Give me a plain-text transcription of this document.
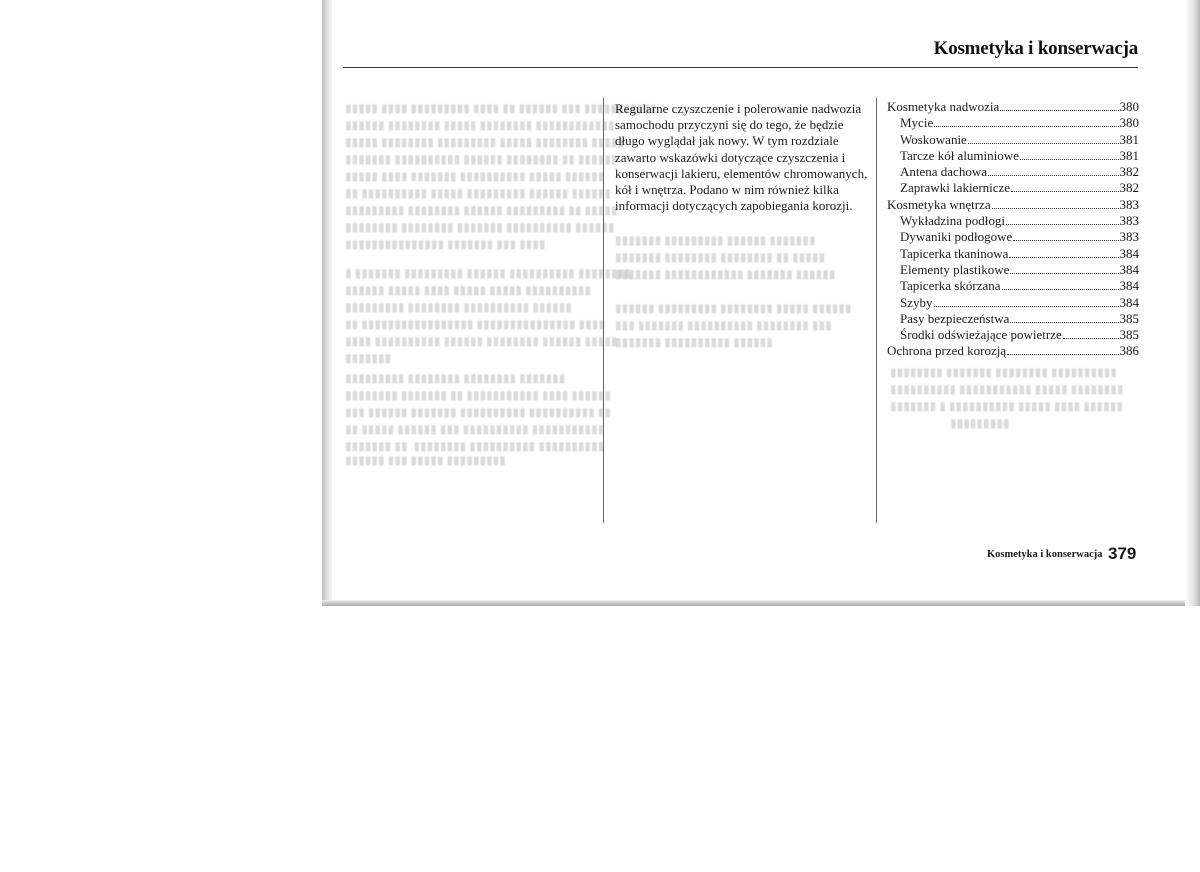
▮▮▮▮▮▮▮▮▮▮▮ ▮▮▮ ▮▮▮▮▮▮ ▮▮ ▮▮▮▮ ▮▮▮▮▮▮▮▮▮ ▮▮▮▮ ▮▮▮▮▮
▮▮▮▮▮▮▮▮▮▮▮▮ ▮▮▮▮▮▮▮▮ ▮▮▮▮▮ ▮▮▮▮▮▮▮▮ ▮▮▮▮▮▮
▮▮▮▮▮ ▮▮▮▮▮▮▮▮ ▮▮▮▮▮ ▮▮▮▮▮▮▮▮▮ ▮▮▮▮▮▮▮▮ ▮▮▮▮▮
▮▮▮▮▮▮ ▮▮ ▮▮▮▮▮▮▮▮ ▮▮▮▮▮▮ ▮▮▮▮▮▮▮▮▮▮ ▮▮▮▮▮▮▮
▮▮▮▮▮▮ ▮▮▮▮▮ ▮▮▮▮▮▮▮▮▮▮ ▮▮▮▮▮▮▮ ▮▮▮▮ ▮▮▮▮▮
▮▮▮▮▮▮ ▮▮▮▮▮▮ ▮▮▮▮▮▮▮▮▮ ▮▮▮▮▮ ▮▮▮▮▮▮▮▮▮▮ ▮▮
▮▮▮▮▮ ▮▮ ▮▮▮▮▮▮▮▮▮ ▮▮▮▮▮▮ ▮▮▮▮▮▮▮▮ ▮▮▮▮▮▮▮▮▮
▮▮▮▮▮▮ ▮▮▮▮▮▮▮▮▮▮ ▮▮▮▮▮▮▮ ▮▮▮▮▮▮▮▮ ▮▮▮▮▮▮▮▮
▮▮▮▮ ▮▮▮ ▮▮▮▮▮▮▮ ▮▮▮▮▮▮▮▮▮▮▮▮▮▮▮
▮▮▮▮▮▮▮▮ ▮▮▮▮▮▮▮▮▮▮ ▮▮▮▮▮▮ ▮▮▮▮▮▮▮▮▮ ▮▮▮▮▮▮▮ ▮
▮▮▮▮▮▮▮▮▮▮ ▮▮▮▮▮ ▮▮▮▮▮ ▮▮▮▮ ▮▮▮▮▮ ▮▮▮▮▮▮
▮▮▮▮▮▮ ▮▮▮▮▮▮▮▮▮▮ ▮▮▮▮▮▮▮▮ ▮▮▮▮▮▮▮▮▮
▮▮▮▮ ▮▮▮▮▮▮▮▮▮▮▮▮▮▮▮ ▮▮▮▮▮▮▮▮▮▮▮▮▮▮▮▮▮ ▮▮
▮▮▮▮▮ ▮▮▮▮▮▮ ▮▮▮▮▮▮▮▮ ▮▮▮▮▮▮ ▮▮▮▮▮▮▮▮▮▮ ▮▮▮▮
▮▮▮▮▮▮▮
▮▮▮▮▮▮▮ ▮▮▮▮▮▮▮▮ ▮▮▮▮▮▮▮▮ ▮▮▮▮▮▮▮▮▮
▮▮▮▮▮▮ ▮▮▮▮ ▮▮▮▮▮▮▮▮▮▮▮ ▮▮ ▮▮▮▮▮▮▮ ▮▮▮▮▮▮▮▮
▮▮ ▮▮▮▮▮▮▮▮▮▮ ▮▮▮▮▮▮▮▮▮▮ ▮▮▮▮▮▮▮ ▮▮▮▮▮▮ ▮▮▮
▮▮▮▮▮▮▮▮▮▮▮ ▮▮▮▮▮▮▮▮▮▮ ▮▮▮ ▮▮▮▮▮▮ ▮▮▮▮▮ ▮▮
▮▮▮▮▮▮▮▮▮▮ ▮▮▮▮▮▮▮▮▮▮ ▮▮▮▮▮▮▮▮. ▮▮ ▮▮▮▮▮▮▮
▮▮▮▮▮▮▮▮▮ ▮▮▮▮▮ ▮▮▮ ▮▮▮▮▮▮
▮▮▮▮▮▮▮ ▮▮▮▮▮▮ ▮▮▮▮▮▮▮▮▮ ▮▮▮▮▮▮▮
▮▮▮▮▮ ▮▮ ▮▮▮▮▮▮▮▮ ▮▮▮▮▮▮▮▮ ▮▮▮▮▮▮▮
▮▮▮▮▮▮ ▮▮▮▮▮▮▮ ▮▮▮▮▮▮▮▮▮▮▮▮ ▮▮▮▮▮▮▮
▮▮▮▮▮▮ ▮▮▮▮▮ ▮▮▮▮▮▮▮▮ ▮▮▮▮▮▮▮▮▮ ▮▮▮▮▮▮
▮▮▮ ▮▮▮▮▮▮▮▮ ▮▮▮▮▮▮▮▮▮▮ ▮▮▮▮▮▮▮ ▮▮▮
▮▮▮▮▮▮ ▮▮▮▮▮▮▮▮▮▮ ▮▮▮▮▮▮▮
▮▮▮▮▮▮▮▮▮▮ ▮▮▮▮▮▮▮▮ ▮▮▮▮▮▮▮ ▮▮▮▮▮▮▮▮
▮▮▮▮▮▮▮▮ ▮▮▮▮▮ ▮▮▮▮▮▮▮▮▮▮▮ ▮▮▮▮▮▮▮▮▮▮
▮▮▮▮▮▮ ▮▮▮▮ ▮▮▮▮▮ ▮▮▮▮▮▮▮▮▮▮ ▮ ▮▮▮▮▮▮▮
▮▮▮▮▮▮▮▮▮
Kosmetyka i konserwacja

Regularne czyszczenie i polerowanie nadwozia samochodu przyczyni się do tego, że będzie długo wyglądał jak nowy. W tym rozdziale zawarto wskazówki dotyczące czyszczenia i konserwacji lakieru, elementów chromowanych, kół i wnętrza. Podano w nim również kilka informacji dotyczących zapobiegania korozji.

Kosmetyka nadwozia	380
Mycie	380
Woskowanie	381
Tarcze kół aluminiowe	381
Antena dachowa	382
Zaprawki lakiernicze	382
Kosmetyka wnętrza	383
Wykładzina podłogi	383
Dywaniki podłogowe	383
Tapicerka tkaninowa	384
Elementy plastikowe	384
Tapicerka skórzana	384
Szyby	384
Pasy bezpieczeństwa	385
Środki odświeżające powietrze	385
Ochrona przed korozją	386
Kosmetyka i konserwacja 379
